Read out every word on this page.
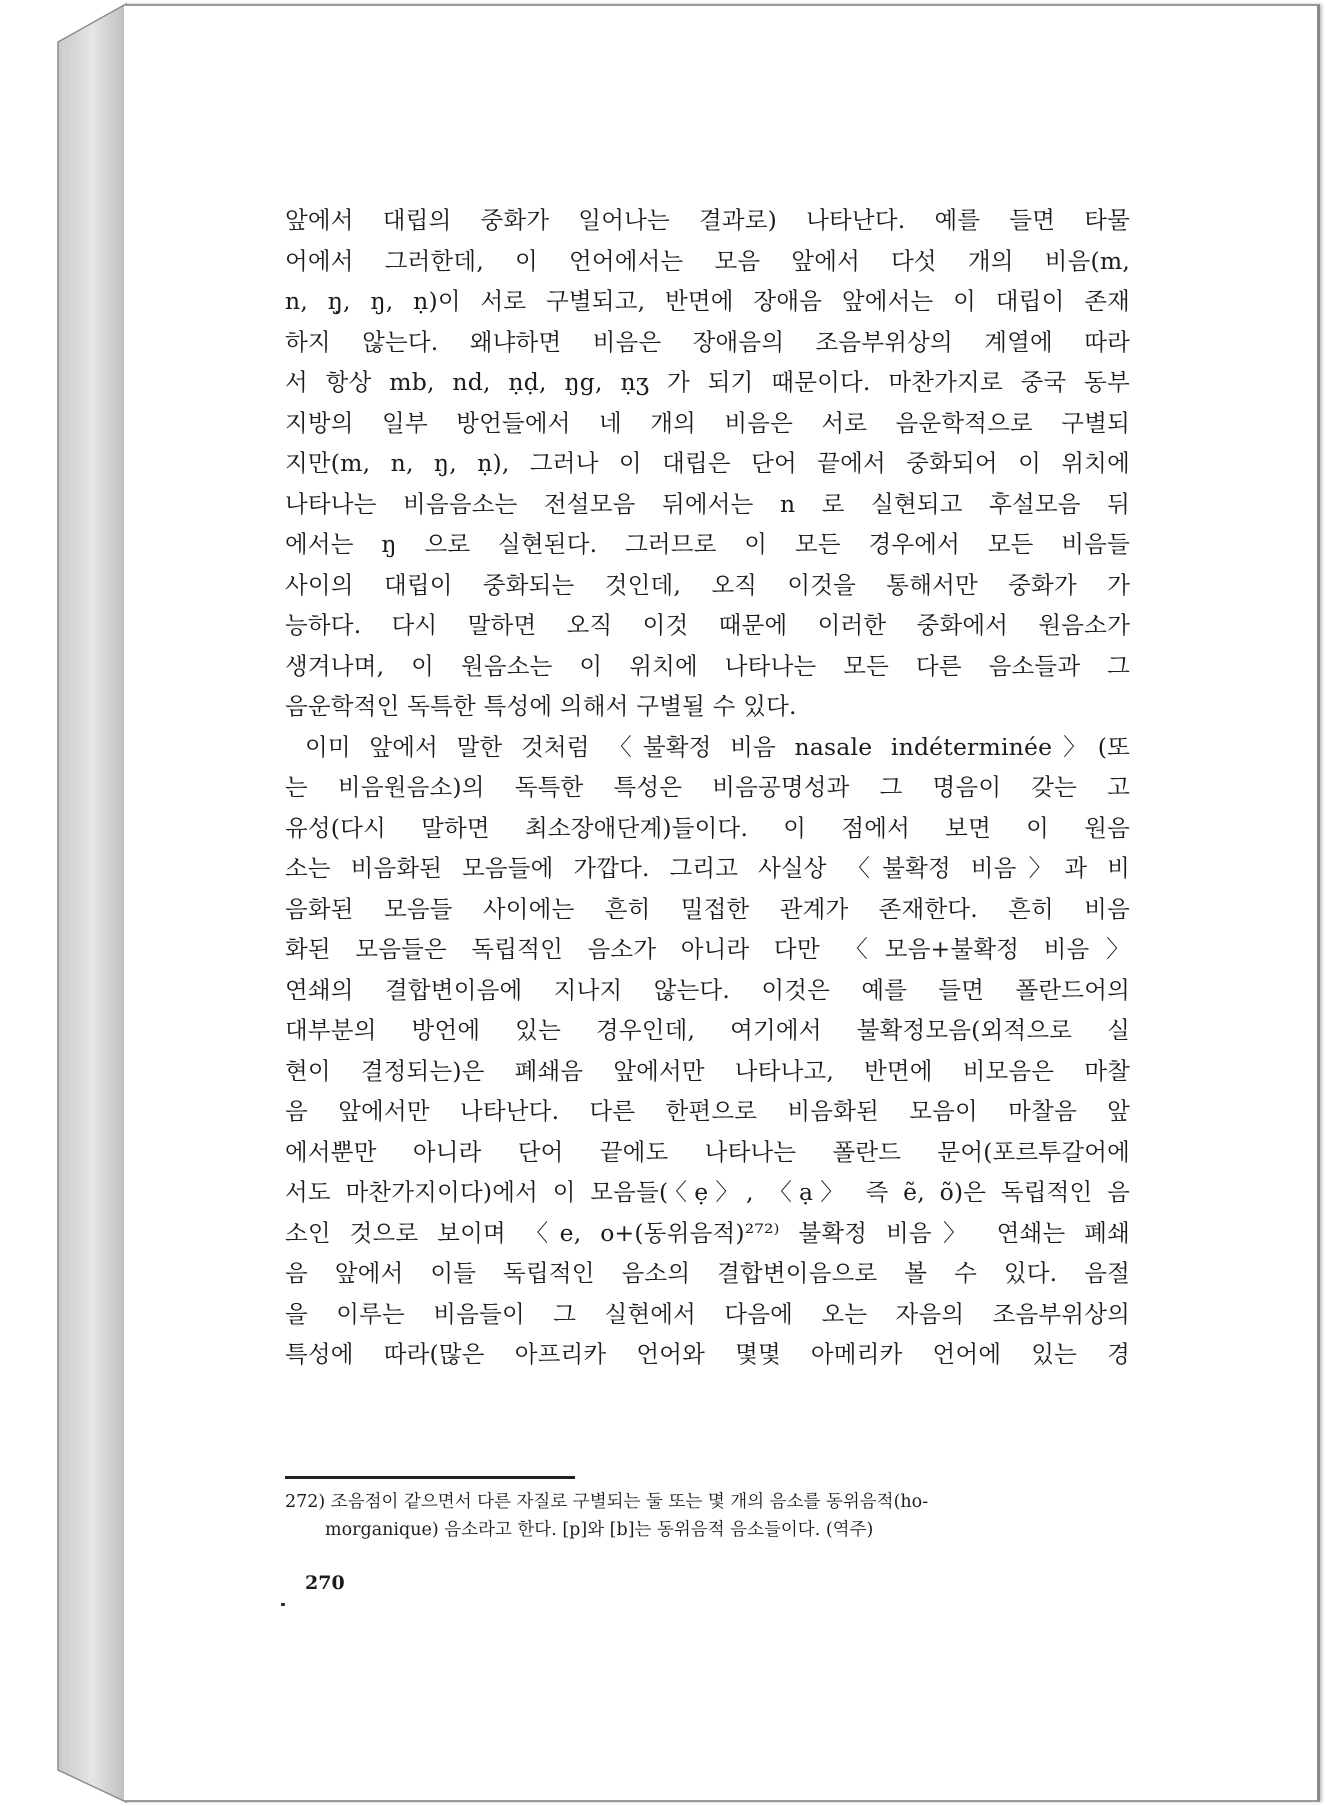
앞에서 대립의 중화가 일어나는 결과로) 나타난다. 예를 들면 타물
어에서 그러한데, 이 언어에서는 모음 앞에서 다섯 개의 비음(m,
n, ŋ̣, ŋ, ṇ)이 서로 구별되고, 반면에 장애음 앞에서는 이 대립이 존재
하지 않는다. 왜냐하면 비음은 장애음의 조음부위상의 계열에 따라
서 항상 mb, nd, ṇḍ, ŋg, ṇʒ 가 되기 때문이다. 마찬가지로 중국 동부
지방의 일부 방언들에서 네 개의 비음은 서로 음운학적으로 구별되
지만(m, n, ŋ, ṇ), 그러나 이 대립은 단어 끝에서 중화되어 이 위치에
나타나는 비음음소는 전설모음 뒤에서는 n 로 실현되고 후설모음 뒤
에서는 ŋ 으로 실현된다. 그러므로 이 모든 경우에서 모든 비음들
사이의 대립이 중화되는 것인데, 오직 이것을 통해서만 중화가 가
능하다. 다시 말하면 오직 이것 때문에 이러한 중화에서 원음소가
생겨나며, 이 원음소는 이 위치에 나타나는 모든 다른 음소들과 그
음운학적인 독특한 특성에 의해서 구별될 수 있다.
이미 앞에서 말한 것처럼 〈불확정 비음 nasale indéterminée〉(또
는 비음원음소)의 독특한 특성은 비음공명성과 그 명음이 갖는 고
유성(다시 말하면 최소장애단계)들이다. 이 점에서 보면 이 원음
소는 비음화된 모음들에 가깝다. 그리고 사실상 〈불확정 비음〉과 비
음화된 모음들 사이에는 흔히 밀접한 관계가 존재한다. 흔히 비음
화된 모음들은 독립적인 음소가 아니라 다만 〈모음+불확정 비음〉
연쇄의 결합변이음에 지나지 않는다. 이것은 예를 들면 폴란드어의
대부분의 방언에 있는 경우인데, 여기에서 불확정모음(외적으로 실
현이 결정되는)은 폐쇄음 앞에서만 나타나고, 반면에 비모음은 마찰
음 앞에서만 나타난다. 다른 한편으로 비음화된 모음이 마찰음 앞
에서뿐만 아니라 단어 끝에도 나타나는 폴란드 문어(포르투갈어에
서도 마찬가지이다)에서 이 모음들(〈ẹ〉, 〈ạ〉 즉 ẽ, õ)은 독립적인 음
소인 것으로 보이며 〈e, o+(동위음적)²⁷²⁾ 불확정 비음〉 연쇄는 폐쇄
음 앞에서 이들 독립적인 음소의 결합변이음으로 볼 수 있다. 음절
을 이루는 비음들이 그 실현에서 다음에 오는 자음의 조음부위상의
특성에 따라(많은 아프리카 언어와 몇몇 아메리카 언어에 있는 경
272) 조음점이 같으면서 다른 자질로 구별되는 둘 또는 몇 개의 음소를 동위음적(ho-
morganique) 음소라고 한다. [p]와 [b]는 동위음적 음소들이다. (역주)
270
